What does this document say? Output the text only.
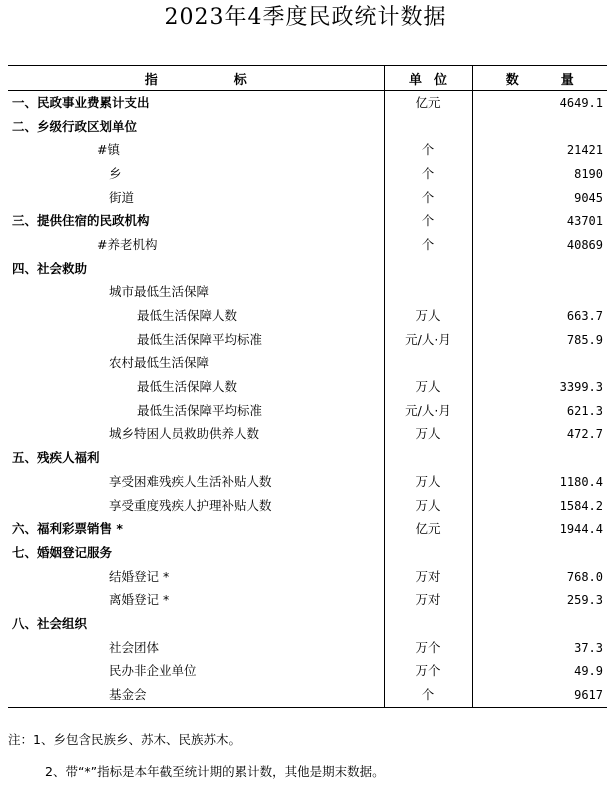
2023年4季度民政统计数据
指 标	单 位	数 量

一、民政事业费累计支出	亿元	4649.1
二、乡级行政区划单位		
#镇	个	21421
乡	个	8190
街道	个	9045
三、提供住宿的民政机构	个	43701
#养老机构	个	40869
四、社会救助		
城市最低生活保障		
最低生活保障人数	万人	663.7
最低生活保障平均标准	元/人·月	785.9
农村最低生活保障		
最低生活保障人数	万人	3399.3
最低生活保障平均标准	元/人·月	621.3
城乡特困人员救助供养人数	万人	472.7
五、残疾人福利		
享受困难残疾人生活补贴人数	万人	1180.4
享受重度残疾人护理补贴人数	万人	1584.2
六、福利彩票销售 *	亿元	1944.4
七、婚姻登记服务		
结婚登记 *	万对	768.0
离婚登记 *	万对	259.3
八、社会组织		
社会团体	万个	37.3
民办非企业单位	万个	49.9
基金会	个	9617
注：1、乡包含民族乡、苏木、民族苏木。
2、带“*”指标是本年截至统计期的累计数，其他是期末数据。
